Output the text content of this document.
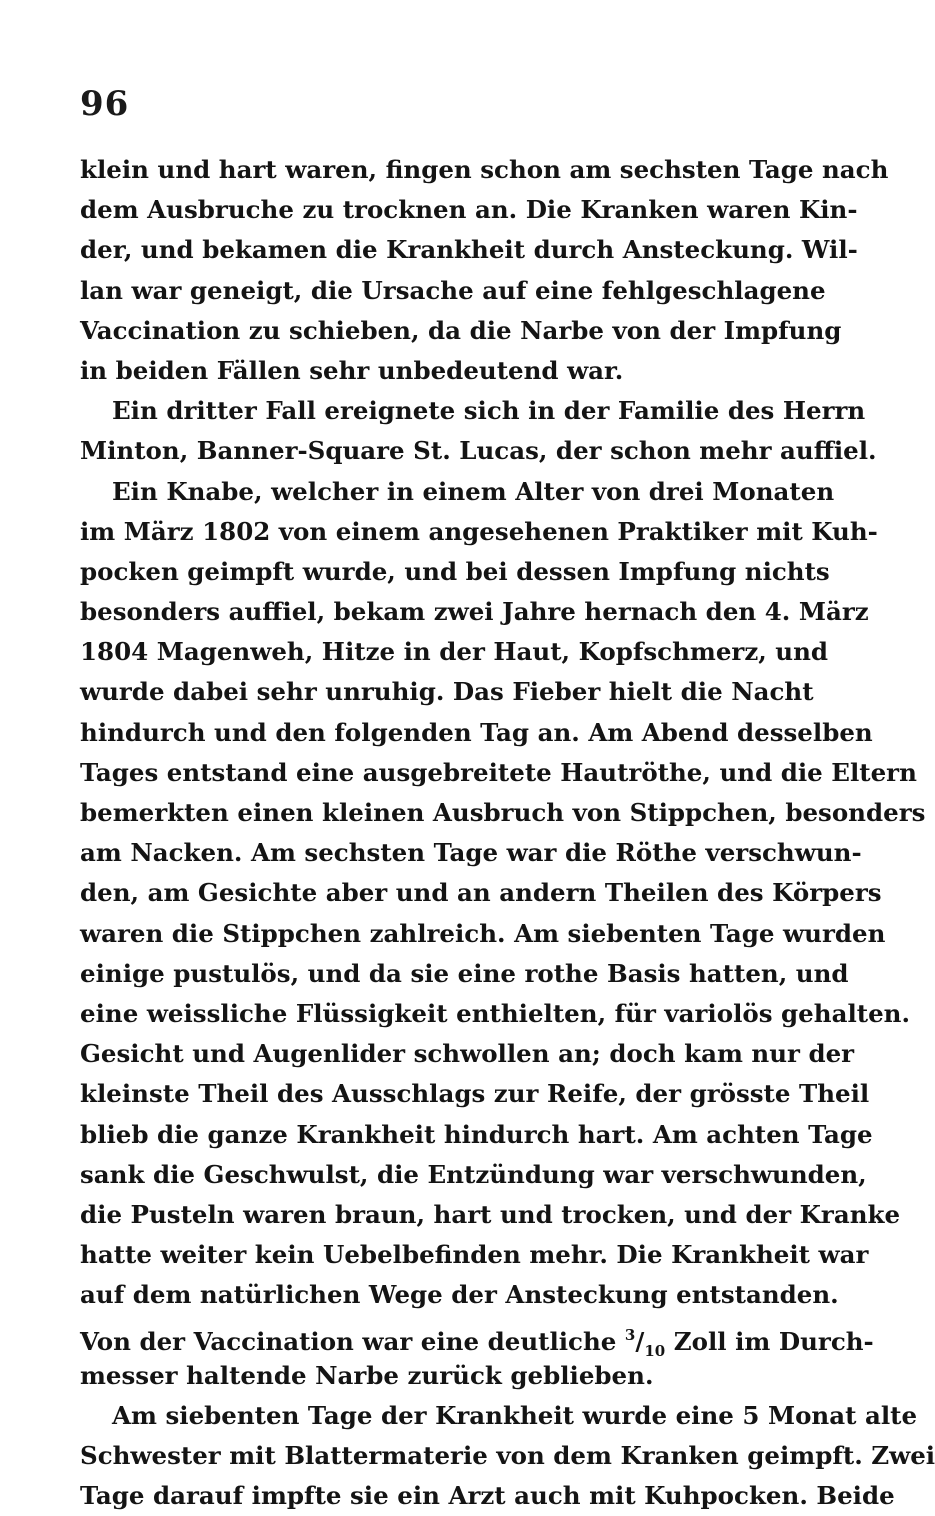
96
klein und hart waren, fingen schon am sechsten Tage nach
dem Ausbruche zu trocknen an. Die Kranken waren Kin-
der, und bekamen die Krankheit durch Ansteckung. Wil-
lan war geneigt, die Ursache auf eine fehlgeschlagene
Vaccination zu schieben, da die Narbe von der Impfung
in beiden Fällen sehr unbedeutend war.
Ein dritter Fall ereignete sich in der Familie des Herrn
Minton, Banner-Square St. Lucas, der schon mehr auffiel.
Ein Knabe, welcher in einem Alter von drei Monaten
im März 1802 von einem angesehenen Praktiker mit Kuh-
pocken geimpft wurde, und bei dessen Impfung nichts
besonders auffiel, bekam zwei Jahre hernach den 4. März
1804 Magenweh, Hitze in der Haut, Kopfschmerz, und
wurde dabei sehr unruhig. Das Fieber hielt die Nacht
hindurch und den folgenden Tag an. Am Abend desselben
Tages entstand eine ausgebreitete Hautröthe, und die Eltern
bemerkten einen kleinen Ausbruch von Stippchen, besonders
am Nacken. Am sechsten Tage war die Röthe verschwun-
den, am Gesichte aber und an andern Theilen des Körpers
waren die Stippchen zahlreich. Am siebenten Tage wurden
einige pustulös, und da sie eine rothe Basis hatten, und
eine weissliche Flüssigkeit enthielten, für variolös gehalten.
Gesicht und Augenlider schwollen an; doch kam nur der
kleinste Theil des Ausschlags zur Reife, der grösste Theil
blieb die ganze Krankheit hindurch hart. Am achten Tage
sank die Geschwulst, die Entzündung war verschwunden,
die Pusteln waren braun, hart und trocken, und der Kranke
hatte weiter kein Uebelbefinden mehr. Die Krankheit war
auf dem natürlichen Wege der Ansteckung entstanden.
Von der Vaccination war eine deutliche $^3/_{10}$ Zoll im Durch-
messer haltende Narbe zurück geblieben.
Am siebenten Tage der Krankheit wurde eine 5 Monat alte
Schwester mit Blattermaterie von dem Kranken geimpft. Zwei
Tage darauf impfte sie ein Arzt auch mit Kuhpocken. Beide
